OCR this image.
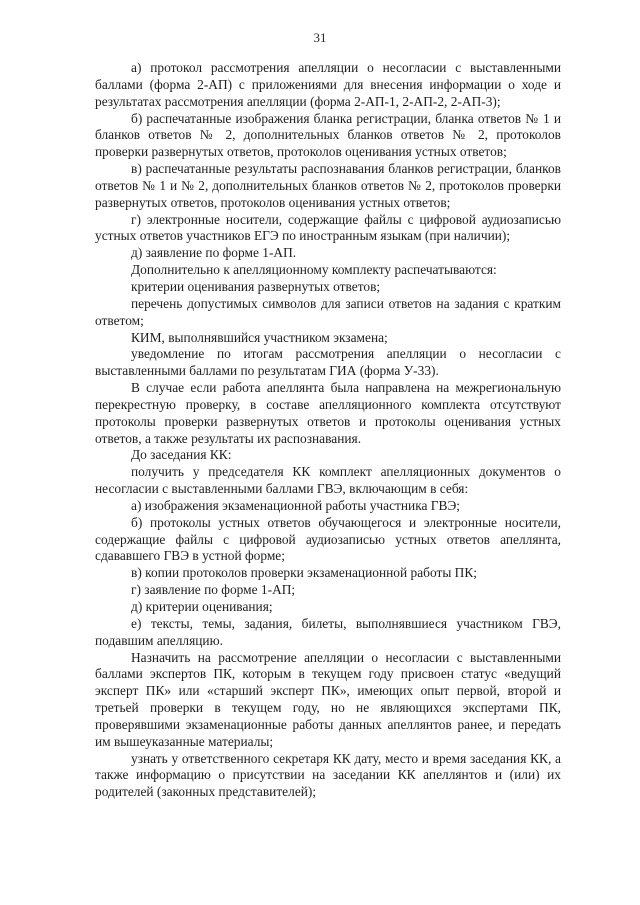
31

а) протокол рассмотрения апелляции о несогласии с выставленными баллами (форма 2-АП) с приложениями для внесения информации о ходе и результатах рассмотрения апелляции (форма 2-АП-1, 2-АП-2, 2-АП-3);

б) распечатанные изображения бланка регистрации, бланка ответов № 1 и бланков ответов № 2, дополнительных бланков ответов № 2, протоколов проверки развернутых ответов, протоколов оценивания устных ответов;

в) распечатанные результаты распознавания бланков регистрации, бланков ответов № 1 и № 2, дополнительных бланков ответов № 2, протоколов проверки развернутых ответов, протоколов оценивания устных ответов;

г) электронные носители, содержащие файлы с цифровой аудиозаписью устных ответов участников ЕГЭ по иностранным языкам (при наличии);

д) заявление по форме 1-АП.

Дополнительно к апелляционному комплекту распечатываются:

критерии оценивания развернутых ответов;

перечень допустимых символов для записи ответов на задания с кратким ответом;

КИМ, выполнявшийся участником экзамена;

уведомление по итогам рассмотрения апелляции о несогласии с выставленными баллами по результатам ГИА (форма У-33).

В случае если работа апеллянта была направлена на межрегиональную перекрестную проверку, в составе апелляционного комплекта отсутствуют протоколы проверки развернутых ответов и протоколы оценивания устных ответов, а также результаты их распознавания.

До заседания КК:

получить у председателя КК комплект апелляционных документов о несогласии с выставленными баллами ГВЭ, включающим в себя:

а) изображения экзаменационной работы участника ГВЭ;

б) протоколы устных ответов обучающегося и электронные носители, содержащие файлы с цифровой аудиозаписью устных ответов апеллянта, сдававшего ГВЭ в устной форме;

в) копии протоколов проверки экзаменационной работы ПК;

г) заявление по форме 1-АП;

д) критерии оценивания;

е) тексты, темы, задания, билеты, выполнявшиеся участником ГВЭ, подавшим апелляцию.

Назначить на рассмотрение апелляции о несогласии с выставленными баллами экспертов ПК, которым в текущем году присвоен статус «ведущий эксперт ПК» или «старший эксперт ПК», имеющих опыт первой, второй и третьей проверки в текущем году, но не являющихся экспертами ПК, проверявшими экзаменационные работы данных апеллянтов ранее, и передать им вышеуказанные материалы;

узнать у ответственного секретаря КК дату, место и время заседания КК, а также информацию о присутствии на заседании КК апеллянтов и (или) их родителей (законных представителей);
